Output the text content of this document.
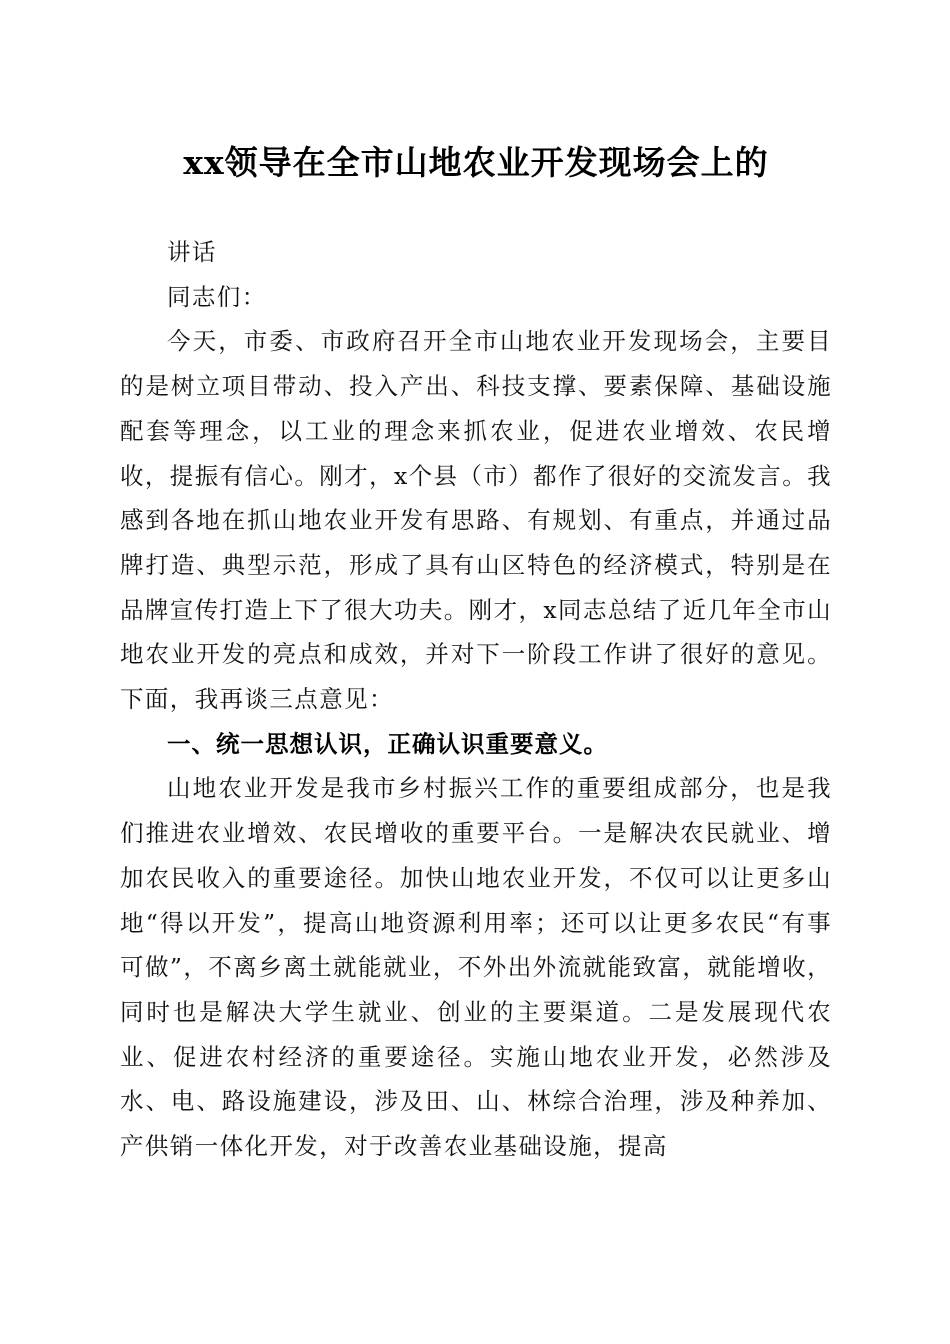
xx领导在全市山地农业开发现场会上的

讲话

同志们：

今天，市委、市政府召开全市山地农业开发现场会，主要目的是树立项目带动、投入产出、科技支撑、要素保障、基础设施配套等理念，以工业的理念来抓农业，促进农业增效、农民增收，提振有信心。刚才，x个县（市）都作了很好的交流发言。我感到各地在抓山地农业开发有思路、有规划、有重点，并通过品牌打造、典型示范，形成了具有山区特色的经济模式，特别是在品牌宣传打造上下了很大功夫。刚才，x同志总结了近几年全市山地农业开发的亮点和成效，并对下一阶段工作讲了很好的意见。下面，我再谈三点意见：

一、统一思想认识，正确认识重要意义。

山地农业开发是我市乡村振兴工作的重要组成部分，也是我们推进农业增效、农民增收的重要平台。一是解决农民就业、增加农民收入的重要途径。加快山地农业开发，不仅可以让更多山地“得以开发”，提高山地资源利用率；还可以让更多农民“有事可做”，不离乡离土就能就业，不外出外流就能致富，就能增收，同时也是解决大学生就业、创业的主要渠道。二是发展现代农业、促进农村经济的重要途径。实施山地农业开发，必然涉及水、电、路设施建设，涉及田、山、林综合治理，涉及种养加、产供销一体化开发，对于改善农业基础设施，提高
